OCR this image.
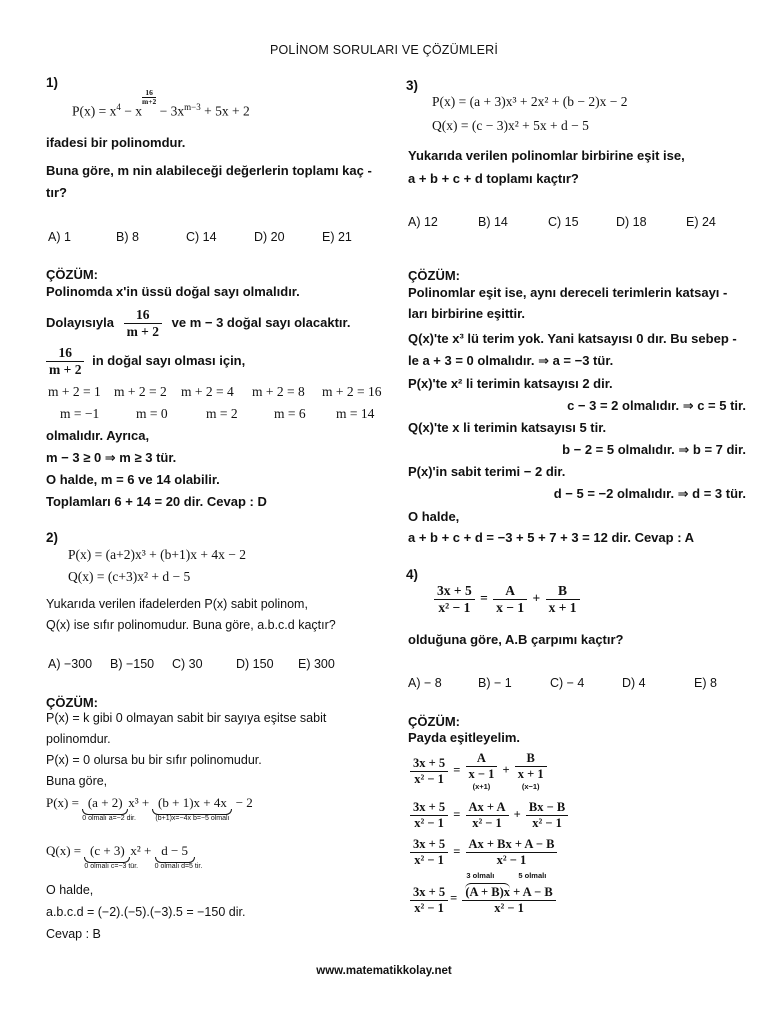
POLİNOM SORULARI VE ÇÖZÜMLERİ
1)
$P(x) = x^4 - x$
$^{\frac{16}{m+2}}$
− $3x^{m-3} + 5x + 2$
ifadesi bir polinomdur.
Buna göre, m nin alabileceği değerlerin toplamı kaç -
tır?
A) 1	B) 8	C) 14	D) 20	E) 21
ÇÖZÜM:
Polinomda x'in üssü doğal sayı olmalıdır.
Dolayısıyla $\frac{16}{m + 2}$ ve m − 3 doğal sayı olacaktır.
$\frac{16}{m + 2}$ in doğal sayı olması için,
m + 2 = 1 m + 2 = 2 m + 2 = 4 m + 2 = 8 m + 2 = 16
m = −1	m = 0	m = 2	m = 6 m = 14
olmalıdır. Ayrıca,
m − 3 ≥ 0 ⇒ m ≥ 3 tür.
O halde, m = 6 ve 14 olabilir.
Toplamları 6 + 14 = 20 dir. Cevap : D
2)
P(x) = (a+2)x³ + (b+1)x + 4x − 2
Q(x) = (c+3)x² + d − 5
Yukarıda verilen ifadelerden P(x) sabit polinom,
Q(x) ise sıfır polinomudur. Buna göre, a.b.c.d kaçtır?
A) −300 B) −150 C) 30	D) 150 E) 300
ÇÖZÜM:
P(x) = k gibi 0 olmayan sabit bir sayıya eşitse sabit
polinomdur.
P(x) = 0 olursa bu bir sıfır polinomudur.
Buna göre,
P(x) = (a + 2)
0 olmalı a=−2 dir.
x³ + (b + 1)x + 4x
(b+1)x=−4x b=−5 olmalı
− 2
Q(x) = (c + 3)
0 olmalı c=−3 tür.
x² + d − 5
0 olmalı d=5 tir.
O halde,
a.b.c.d = (−2).(−5).(−3).5 = −150 dir.
Cevap : B
3)
P(x) = (a + 3)x³ + 2x² + (b − 2)x − 2
Q(x) = (c − 3)x² + 5x + d − 5
Yukarıda verilen polinomlar birbirine eşit ise,
a + b + c + d toplamı kaçtır?
A) 12	B) 14	C) 15	D) 18	E) 24
ÇÖZÜM:
Polinomlar eşit ise, aynı dereceli terimlerin katsayı -
ları birbirine eşittir.
Q(x)'te x³ lü terim yok. Yani katsayısı 0 dır. Bu sebep -
le a + 3 = 0 olmalıdır. ⇒ a = −3 tür.
P(x)'te x² li terimin katsayısı 2 dir.
c − 3 = 2 olmalıdır. ⇒ c = 5 tir.
Q(x)'te x li terimin katsayısı 5 tir.
b − 2 = 5 olmalıdır. ⇒ b = 7 dir.
P(x)'in sabit terimi − 2 dir.
d − 5 = −2 olmalıdır. ⇒ d = 3 tür.
O halde,
a + b + c + d = −3 + 5 + 7 + 3 = 12 dir. Cevap : A
4)
$\frac{3x + 5}{\text{x² − 1}} = \frac{A}{x - 1} + \frac{B}{x + 1}$
olduğuna göre, A.B çarpımı kaçtır?
A) − 8	B) − 1	C) − 4	D) 4	E) 8
ÇÖZÜM:
Payda eşitleyelim.
$\frac{3x + 5}{\text{x² − 1}}$ =
A
x − 1
(x+1)
+
B
x + 1
(x−1)
$\frac{3x + 5}{\text{x² − 1}} = \frac{Ax + A}{\text{x² − 1}} + \frac{Bx - B}{\text{x² − 1}}$
$\frac{3x + 5}{\text{x² − 1}} = \frac{Ax + Bx + A - B}{\text{x² − 1}}$
$\frac{3x + 5}{\text{x² − 1}} = 3$ olmalı	5 olmalı
(A + B)x + A − B
x² − 1
www.matematikkolay.net
